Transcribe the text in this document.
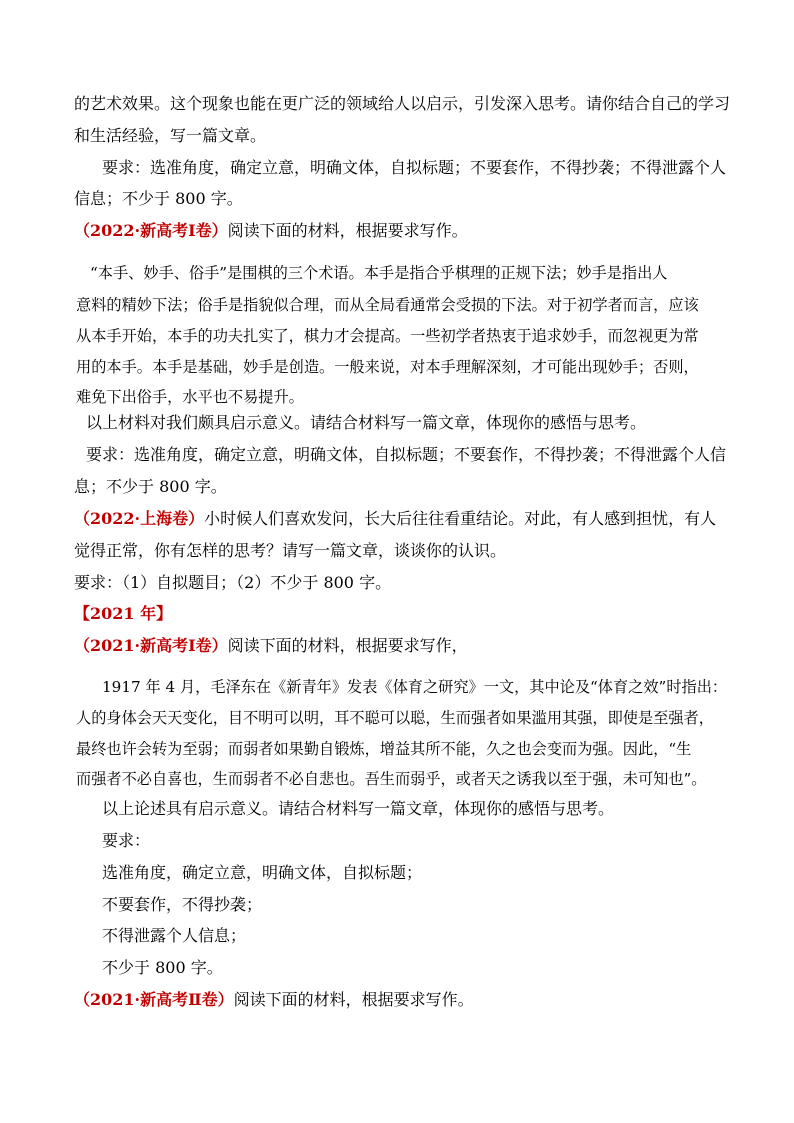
的艺术效果。这个现象也能在更广泛的领域给人以启示，引发深入思考。请你结合自己的学习
和生活经验，写一篇文章。
要求：选准角度，确定立意，明确文体，自拟标题；不要套作，不得抄袭；不得泄露个人
信息；不少于 800 字。
（2022·新高考Ⅰ卷）阅读下面的材料，根据要求写作。
“本手、妙手、俗手”是围棋的三个术语。本手是指合乎棋理的正规下法；妙手是指出人
意料的精妙下法；俗手是指貌似合理，而从全局看通常会受损的下法。对于初学者而言，应该
从本手开始，本手的功夫扎实了，棋力才会提高。一些初学者热衷于追求妙手，而忽视更为常
用的本手。本手是基础，妙手是创造。一般来说，对本手理解深刻，才可能出现妙手；否则，
难免下出俗手，水平也不易提升。
以上材料对我们颇具启示意义。请结合材料写一篇文章，体现你的感悟与思考。
要求：选准角度，确定立意，明确文体，自拟标题；不要套作，不得抄袭；不得泄露个人信
息；不少于 800 字。
（2022·上海卷）小时候人们喜欢发问，长大后往往看重结论。对此，有人感到担忧，有人
觉得正常，你有怎样的思考？请写一篇文章，谈谈你的认识。
要求：（1）自拟题目；（2）不少于 800 字。
【2021 年】
（2021·新高考Ⅰ卷）阅读下面的材料，根据要求写作，
1917 年 4 月，毛泽东在《新青年》发表《体育之研究》一文，其中论及“体育之效”时指出：
人的身体会天天变化，目不明可以明，耳不聪可以聪，生而强者如果滥用其强，即使是至强者，
最终也许会转为至弱；而弱者如果勤自锻炼，增益其所不能，久之也会变而为强。因此，“生
而强者不必自喜也，生而弱者不必自悲也。吾生而弱乎，或者天之诱我以至于强，未可知也”。
以上论述具有启示意义。请结合材料写一篇文章，体现你的感悟与思考。
要求：
选准角度，确定立意，明确文体，自拟标题；
不要套作，不得抄袭；
不得泄露个人信息；
不少于 800 字。
（2021·新高考Ⅱ卷）阅读下面的材料，根据要求写作。
